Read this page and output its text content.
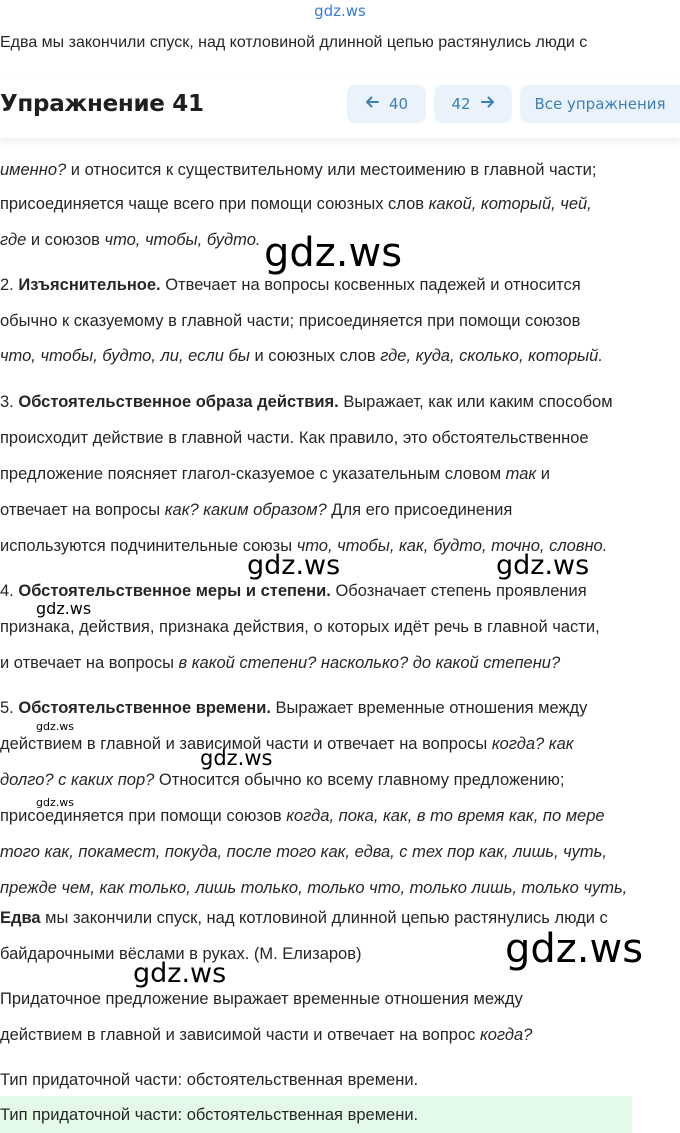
gdz.ws
Едва мы закончили спуск, над котловиной длинной цепью растянулись люди с
Упражнение 41	40	42	Все упражнения
именно? и относится к существительному или местоимению в главной части;
присоединяется чаще всего при помощи союзных слов какой, который, чей,
где и союзов что, чтобы, будто.
2. Изъяснительное. Отвечает на вопросы косвенных падежей и относится
обычно к сказуемому в главной части; присоединяется при помощи союзов
что, чтобы, будто, ли, если бы и союзных слов где, куда, сколько, который.
3. Обстоятельственное образа действия. Выражает, как или каким способом
происходит действие в главной части. Как правило, это обстоятельственное
предложение поясняет глагол-сказуемое с указательным словом так и
отвечает на вопросы как? каким образом? Для его присоединения
используются подчинительные союзы что, чтобы, как, будто, точно, словно.
4. Обстоятельственное меры и степени. Обозначает степень проявления
признака, действия, признака действия, о которых идёт речь в главной части,
и отвечает на вопросы в какой степени? насколько? до какой степени?
5. Обстоятельственное времени. Выражает временные отношения между
действием в главной и зависимой части и отвечает на вопросы когда? как
долго? с каких пор? Относится обычно ко всему главному предложению;
присоединяется при помощи союзов когда, пока, как, в то время как, по мере
того как, покамест, покуда, после того как, едва, с тех пор как, лишь, чуть,
прежде чем, как только, лишь только, только что, только лишь, только чуть,
Едва мы закончили спуск, над котловиной длинной цепью растянулись люди с
байдарочными вёслами в руках. (М. Елизаров)
Придаточное предложение выражает временные отношения между
действием в главной и зависимой части и отвечает на вопрос когда?
Тип придаточной части: обстоятельственная времени.
Тип придаточной части: обстоятельственная времени.
gdz.ws
gdz.ws	gdz.ws
gdz.ws
gdz.ws
gdz.ws
gdz.ws
gdz.ws
gdz.ws
